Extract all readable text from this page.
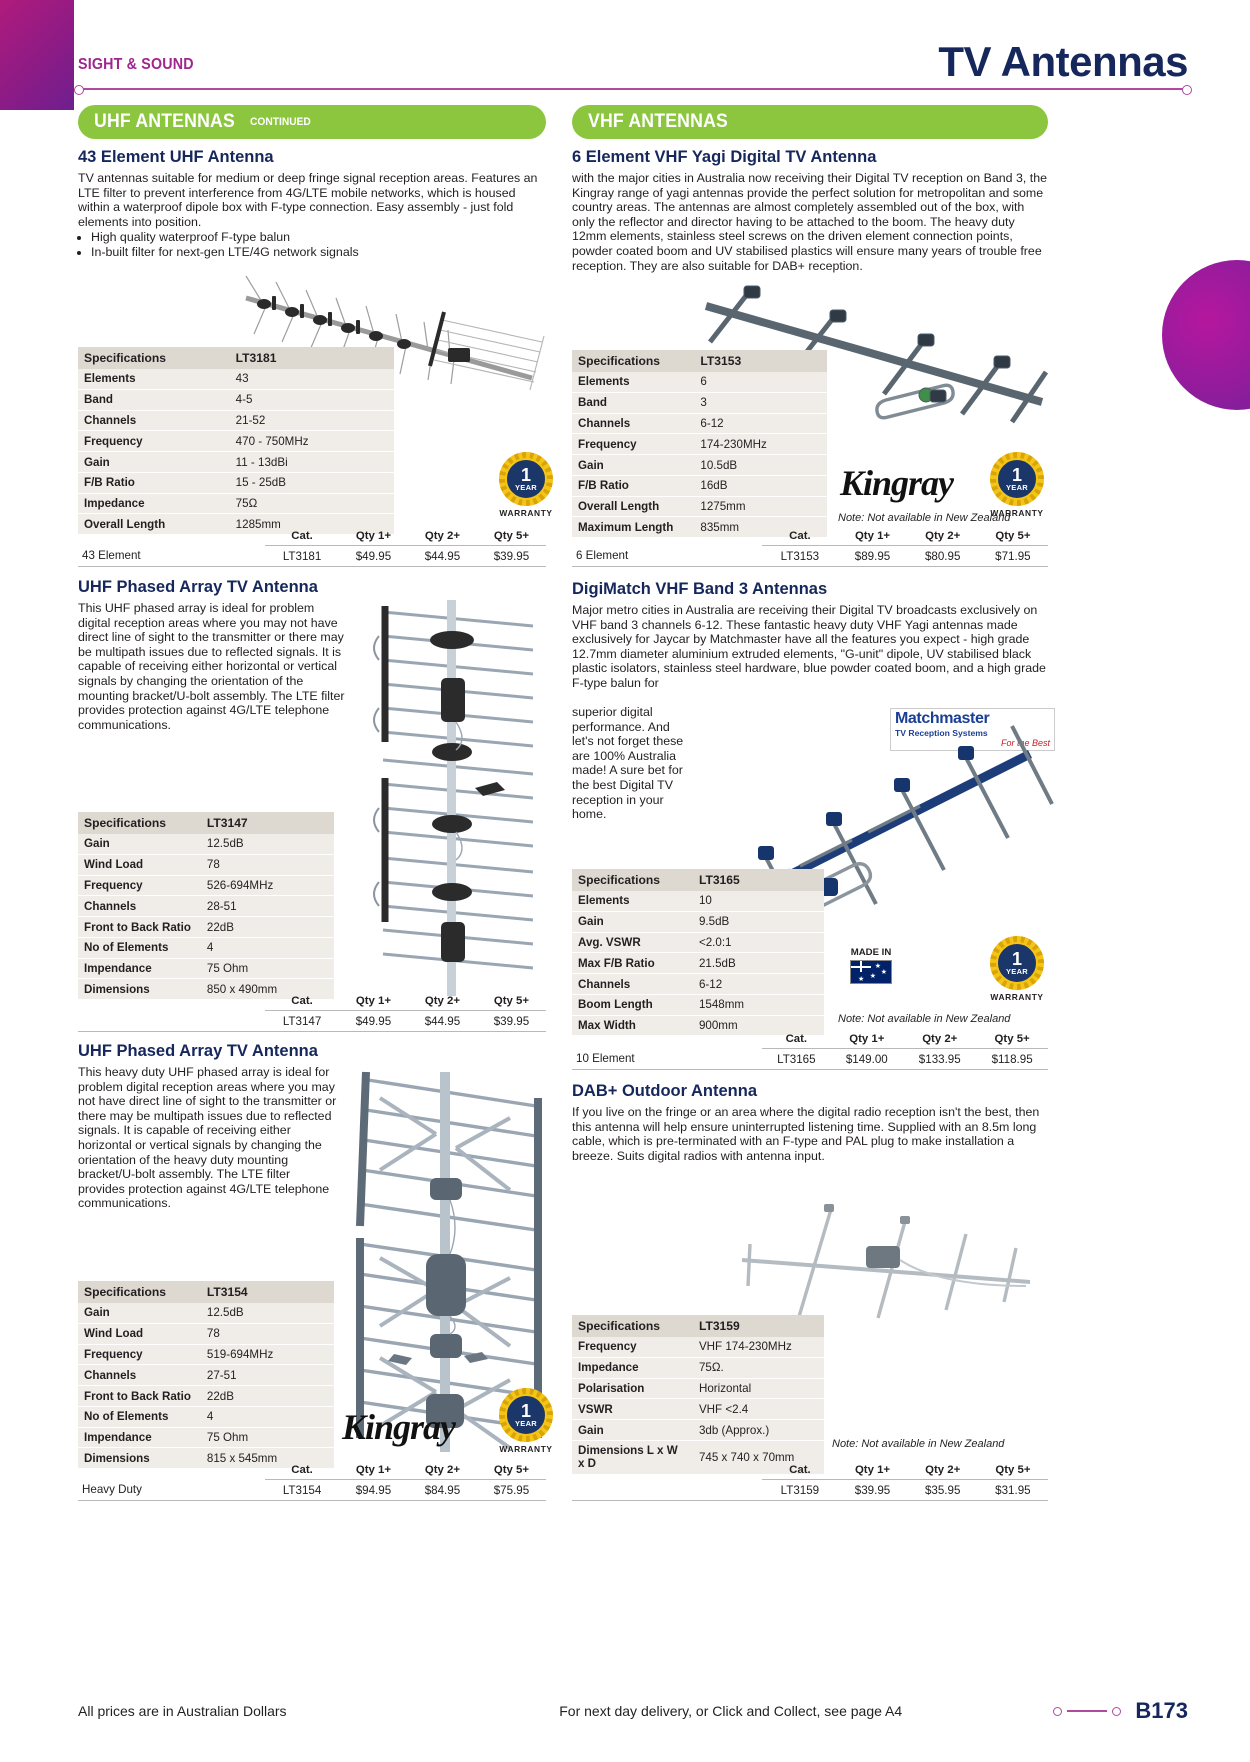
SIGHT & SOUND	TV Antennas
UHF ANTENNAS CONTINUED	VHF ANTENNAS
43 Element UHF Antenna

TV antennas suitable for medium or deep fringe signal reception areas. Features an LTE filter to prevent interference from 4G/LTE mobile networks, which is housed within a waterproof dipole box with F-type connection. Easy assembly - just fold elements into position.

• High quality waterproof F-type balun
• In-built filter for next-gen LTE/4G network signals
1
YEAR
WARRANTY
Specifications	LT3181
Elements	43
Band	4-5
Channels	21-52
Frequency	470 - 750MHz
Gain	11 - 13dBi
F/B Ratio	15 - 25dB
Impedance	75Ω
Overall Length	1285mm
	Cat.	Qty 1+	Qty 2+	Qty 5+
43 Element	LT3181	$49.95	$44.95	$39.95
UHF Phased Array TV Antenna

This UHF phased array is ideal for problem digital reception areas where you may not have direct line of sight to the transmitter or there may be multipath issues due to reflected signals. It is capable of receiving either horizontal or vertical signals by changing the orientation of the mounting bracket/U-bolt assembly. The LTE filter provides protection against 4G/LTE telephone communications.

Specifications	LT3147
Gain	12.5dB
Wind Load	78
Frequency	526-694MHz
Channels	28-51
Front to Back Ratio	22dB
No of Elements	4
Impendance	75 Ohm
Dimensions	850 x 490mm
	Cat.	Qty 1+	Qty 2+	Qty 5+
	LT3147	$49.95	$44.95	$39.95
UHF Phased Array TV Antenna

This heavy duty UHF phased array is ideal for problem digital reception areas where you may not have direct line of sight to the transmitter or there may be multipath issues due to reflected signals. It is capable of receiving either horizontal or vertical signals by changing the orientation of the heavy duty mounting bracket/U-bolt assembly. The LTE filter provides protection against 4G/LTE telephone communications.

Kingray	1
YEAR
WARRANTY
Specifications	LT3154
Gain	12.5dB
Wind Load	78
Frequency	519-694MHz
Channels	27-51
Front to Back Ratio	22dB
No of Elements	4
Impendance	75 Ohm
Dimensions	815 x 545mm
	Cat.	Qty 1+	Qty 2+	Qty 5+
Heavy Duty	LT3154	$94.95	$84.95	$75.95
6 Element VHF Yagi Digital TV Antenna

with the major cities in Australia now receiving their Digital TV reception on Band 3, the Kingray range of yagi antennas provide the perfect solution for metropolitan and some country areas. The antennas are almost completely assembled out of the box, with only the reflector and director having to be attached to the boom. The heavy duty 12mm elements, stainless steel screws on the driven element connection points, powder coated boom and UV stabilised plastics will ensure many years of trouble free reception. They are also suitable for DAB+ reception.

Specifications	LT3153
Elements	6
Band	3
Channels	6-12
Frequency	174-230MHz
Gain	10.5dB
F/B Ratio	16dB
Overall Length	1275mm
Maximum Length	835mm
Kingray
Note: Not available in New Zealand
1
YEAR
WARRANTY
	Cat.	Qty 1+	Qty 2+	Qty 5+
6 Element	LT3153	$89.95	$80.95	$71.95
DigiMatch VHF Band 3 Antennas

Major metro cities in Australia are receiving their Digital TV broadcasts exclusively on VHF band 3 channels 6-12. These fantastic heavy duty VHF Yagi antennas made exclusively for Jaycar by Matchmaster have all the features you expect - high grade 12.7mm diameter aluminium extruded elements, "G-unit" dipole, UV stabilised black plastic isolators, stainless steel hardware, blue powder coated boom, and a high grade F-type balun for

superior digital performance. And let's not forget these are 100% Australia made! A sure bet for the best Digital TV reception in your home.

Matchmaster
TV Reception Systems
For the Best
MADE IN
★
★
★
★
1
YEAR
WARRANTY
Specifications	LT3165
Elements	10
Gain	9.5dB
Avg. VSWR	<2.0:1
Max F/B Ratio	21.5dB
Channels	6-12
Boom Length	1548mm
Max Width	900mm
Note: Not available in New Zealand
	Cat.	Qty 1+	Qty 2+	Qty 5+
10 Element	LT3165	$149.00	$133.95	$118.95
DAB+ Outdoor Antenna

If you live on the fringe or an area where the digital radio reception isn't the best, then this antenna will help ensure uninterrupted listening time. Supplied with an 8.5m long cable, which is pre-terminated with an F-type and PAL plug to make installation a breeze. Suits digital radios with antenna input.

Specifications	LT3159
Frequency	VHF 174-230MHz
Impedance	75Ω.
Polarisation	Horizontal
VSWR	VHF <2.4
Gain	3db (Approx.)
Dimensions L x W x D	745 x 740 x 70mm
Note: Not available in New Zealand
	Cat.	Qty 1+	Qty 2+	Qty 5+
	LT3159	$39.95	$35.95	$31.95
All prices are in Australian Dollars	For next day delivery, or Click and Collect, see page A4	B173
